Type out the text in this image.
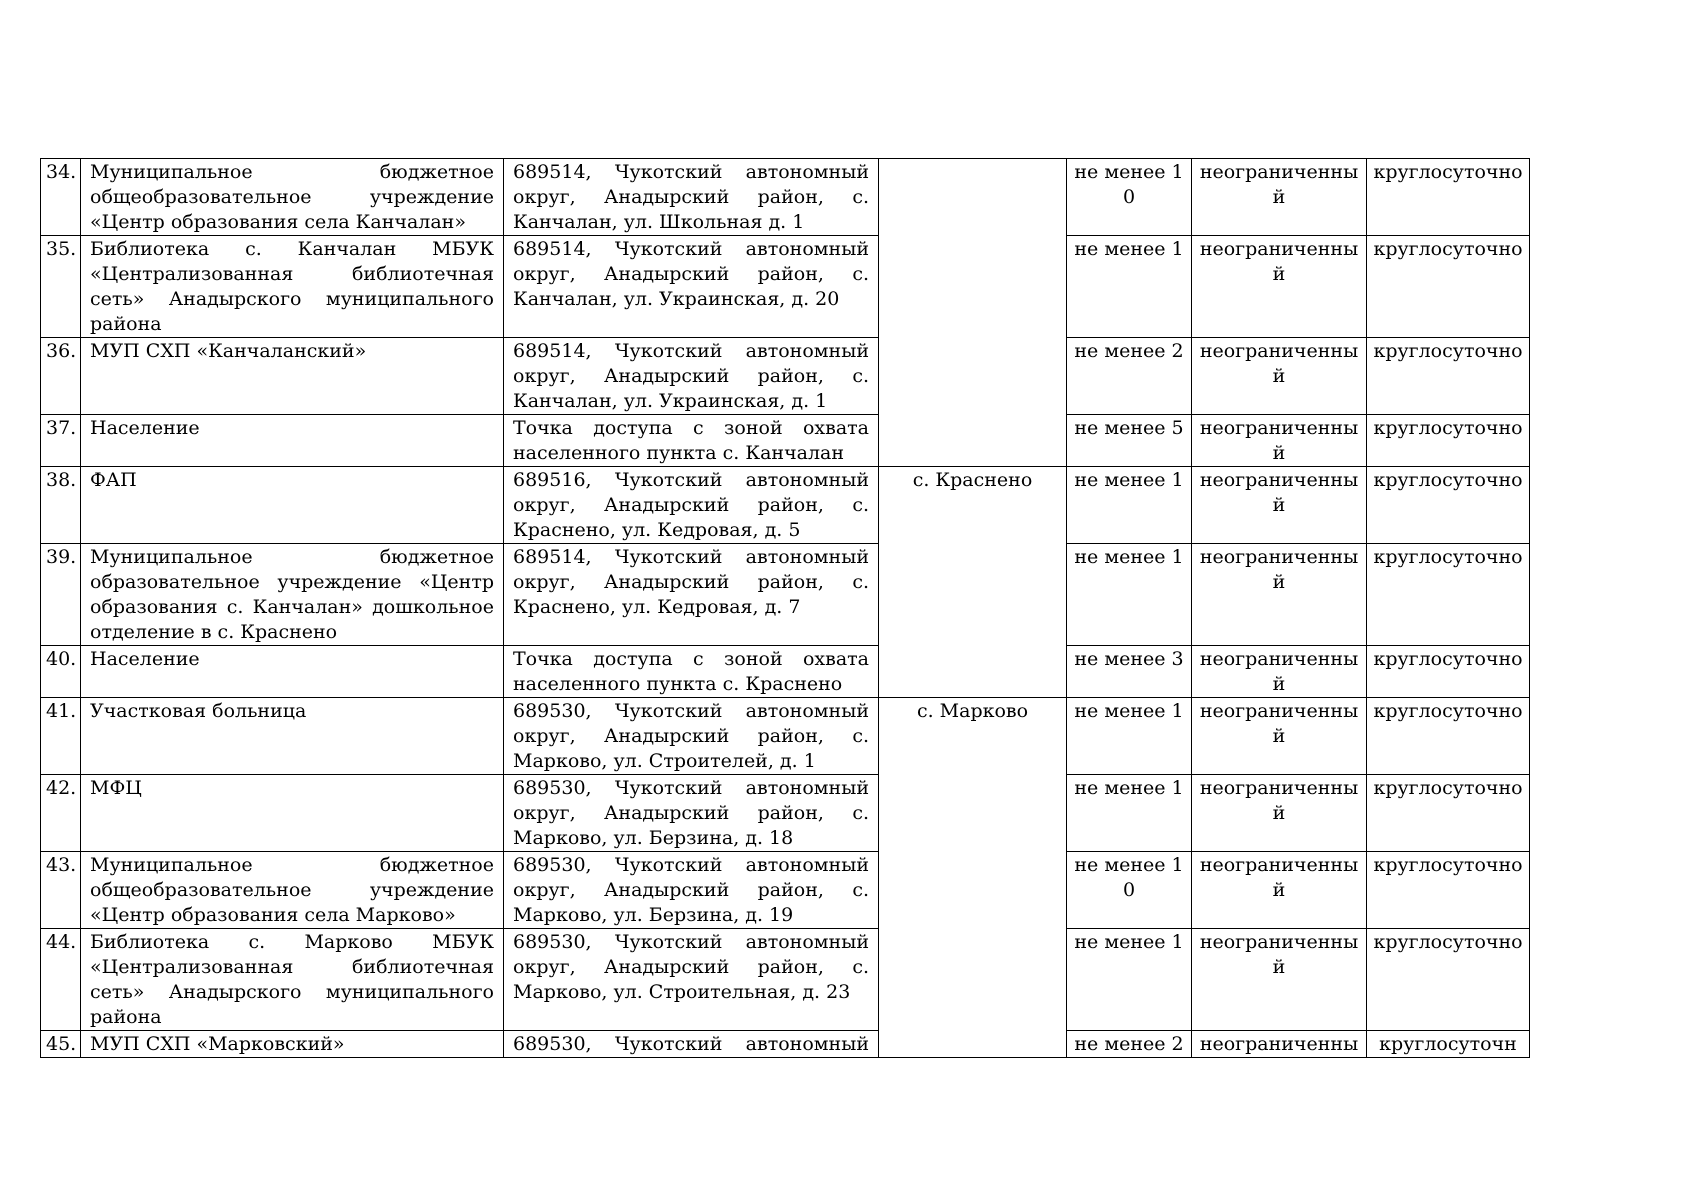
34.	Муниципальное бюджетное общеобразовательное учреждение «Центр образования села Канчалан»	689514, Чукотский автономный округ, Анадырский район, с. Канчалан, ул. Школьная д. 1		не менее 10	неограниченный	круглосуточно

35.	Библиотека с. Канчалан МБУК «Централизованная библиотечная сеть» Анадырского муниципального района	689514, Чукотский автономный округ, Анадырский район, с. Канчалан, ул. Украинская, д. 20		не менее 1	неограниченный	круглосуточно

36.	МУП СХП «Канчаланский»	689514, Чукотский автономный округ, Анадырский район, с. Канчалан, ул. Украинская, д. 1		не менее 2	неограниченный	круглосуточно

37.	Население	Точка доступа с зоной охвата населенного пункта с. Канчалан		не менее 5	неограниченный	круглосуточно

38.	ФАП	689516, Чукотский автономный округ, Анадырский район, с. Краснено, ул. Кедровая, д. 5	с. Краснено	не менее 1	неограниченный	круглосуточно

39.	Муниципальное бюджетное образовательное учреждение «Центр образования с. Канчалан» дошкольное отделение в с. Краснено	689514, Чукотский автономный округ, Анадырский район, с. Краснено, ул. Кедровая, д. 7		не менее 1	неограниченный	круглосуточно

40.	Население	Точка доступа с зоной охвата населенного пункта с. Краснено		не менее 3	неограниченный	круглосуточно

41.	Участковая больница	689530, Чукотский автономный округ, Анадырский район, с. Марково, ул. Строителей, д. 1	с. Марково	не менее 1	неограниченный	круглосуточно

42.	МФЦ	689530, Чукотский автономный округ, Анадырский район, с. Марково, ул. Берзина, д. 18		не менее 1	неограниченный	круглосуточно

43.	Муниципальное бюджетное общеобразовательное учреждение «Центр образования села Марково»	689530, Чукотский автономный округ, Анадырский район, с. Марково, ул. Берзина, д. 19		не менее 10	неограниченный	круглосуточно

44.	Библиотека с. Марково МБУК «Централизованная библиотечная сеть» Анадырского муниципального района	689530, Чукотский автономный округ, Анадырский район, с. Марково, ул. Строительная, д. 23		не менее 1	неограниченный	круглосуточно

45.	МУП СХП «Марковский»	689530, Чукотский автономный		не менее 2	неограниченны	круглосуточн
